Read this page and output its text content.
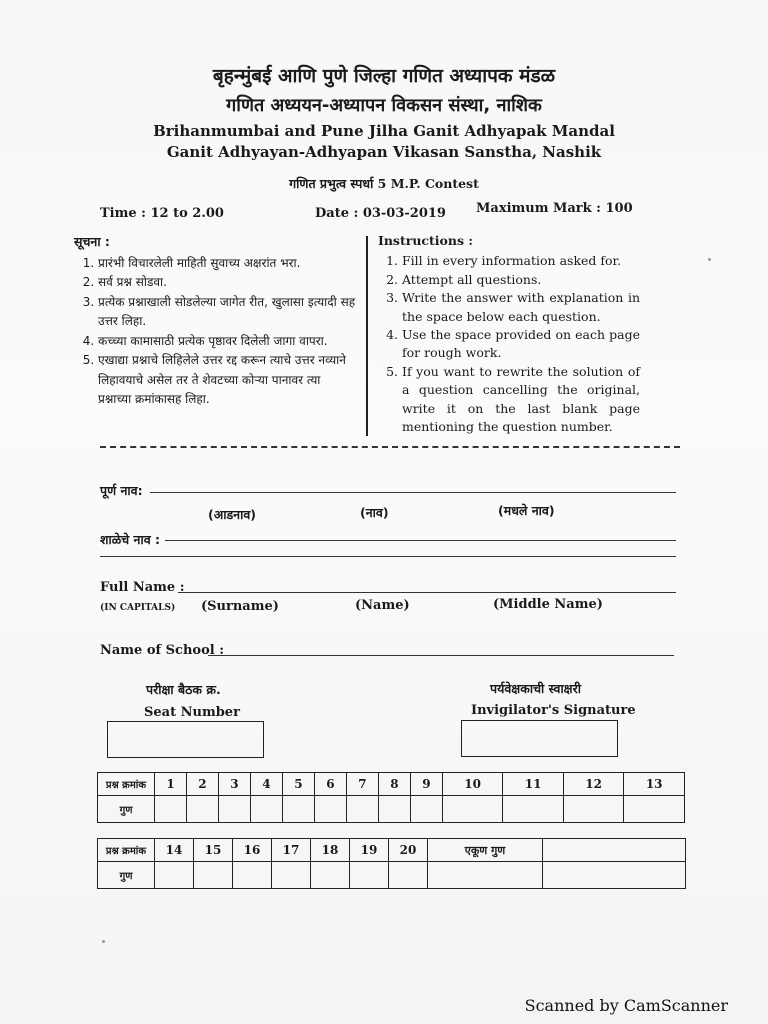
बृहन्मुंबई आणि पुणे जिल्हा गणित अध्यापक मंडळ
गणित अध्ययन-अध्यापन विकसन संस्था, नाशिक
Brihanmumbai and Pune Jilha Ganit Adhyapak Mandal
Ganit Adhyayan-Adhyapan Vikasan Sanstha, Nashik
गणित प्रभुत्व स्पर्धा 5 M.P. Contest
Time : 12 to 2.00	Date : 03-03-2019 Maximum Mark : 100
सूचना :
1. प्रारंभी विचारलेली माहिती सुवाच्य अक्षरांत भरा.
2. सर्व प्रश्न सोडवा.
3. प्रत्येक प्रश्नाखाली सोडलेल्या जागेत रीत, खुलासा इत्यादी सह उत्तर लिहा.
4. कच्च्या कामासाठी प्रत्येक पृष्ठावर दिलेली जागा वापरा.
5. एखाद्या प्रश्नाचे लिहिलेले उत्तर रद्द करून त्याचे उत्तर नव्याने लिहावयाचे असेल तर ते शेवटच्या कोऱ्या पानावर त्या प्रश्नाच्या क्रमांकासह लिहा.
Instructions :
1. Fill in every information asked for.
2. Attempt all questions.
3. Write the answer with explanation in the space below each question.
4. Use the space provided on each page for rough work.
5. If you want to rewrite the solution of a question cancelling the original, write it on the last blank page mentioning the question number.
पूर्ण नाव:
(आडनाव)	(नाव)	(मधले नाव)
शाळेचे नाव :
Full Name :
(IN CAPITALS) (Surname)	(Name)	(Middle Name)
Name of School :
परीक्षा बैठक क्र.
Seat Number
पर्यवेक्षकाची स्वाक्षरी
Invigilator's Signature
प्रश्न क्रमांक	1	2	3	4	5	6	7	8	9	10	11	12	13
गुण													
प्रश्न क्रमांक	14	15	16	17	18	19	20	एकूण गुण	
गुण									
Scanned by CamScanner
